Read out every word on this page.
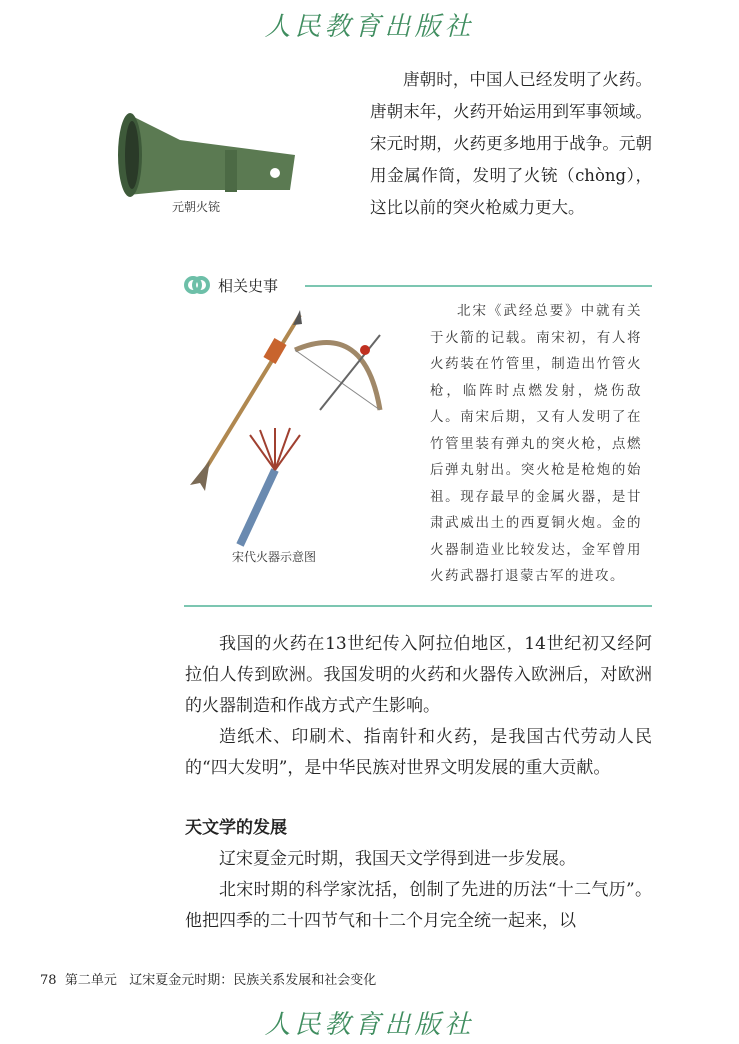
人民教育出版社
元朝火铳
唐朝时，中国人已经发明了火药。唐朝末年，火药开始运用到军事领域。宋元时期，火药更多地用于战争。元朝用金属作筒，发明了火铳（chòng），这比以前的突火枪威力更大。
相关史事
宋代火器示意图
北宋《武经总要》中就有关于火箭的记载。南宋初，有人将火药装在竹管里，制造出竹管火枪，临阵时点燃发射，烧伤敌人。南宋后期，又有人发明了在竹管里装有弹丸的突火枪，点燃后弹丸射出。突火枪是枪炮的始祖。现存最早的金属火器，是甘肃武威出土的西夏铜火炮。金的火器制造业比较发达，金军曾用火药武器打退蒙古军的进攻。
我国的火药在13世纪传入阿拉伯地区，14世纪初又经阿拉伯人传到欧洲。我国发明的火药和火器传入欧洲后，对欧洲的火器制造和作战方式产生影响。
造纸术、印刷术、指南针和火药，是我国古代劳动人民的“四大发明”，是中华民族对世界文明发展的重大贡献。
天文学的发展
辽宋夏金元时期，我国天文学得到进一步发展。
北宋时期的科学家沈括，创制了先进的历法“十二气历”。他把四季的二十四节气和十二个月完全统一起来，以
78 第二单元 辽宋夏金元时期：民族关系发展和社会变化
人民教育出版社
